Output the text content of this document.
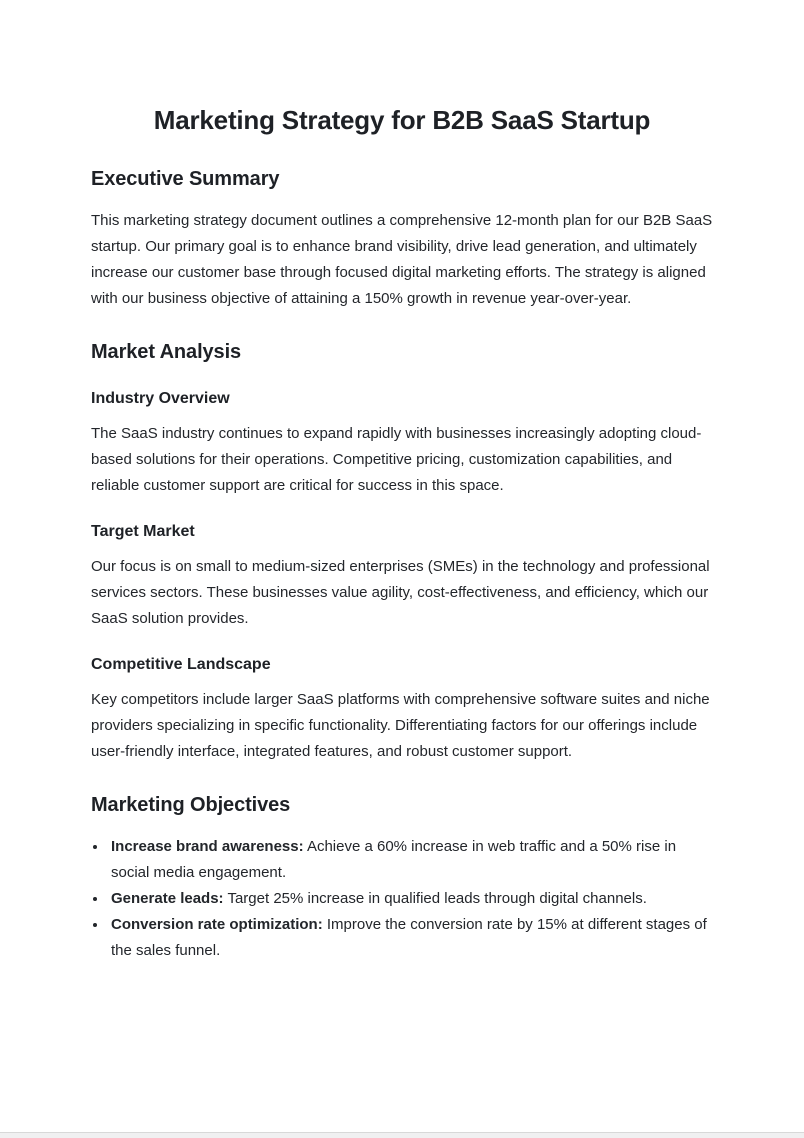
Marketing Strategy for B2B SaaS Startup
Executive Summary

This marketing strategy document outlines a comprehensive 12-month plan for our B2B SaaS startup. Our primary goal is to enhance brand visibility, drive lead generation, and ultimately increase our customer base through focused digital marketing efforts. The strategy is aligned with our business objective of attaining a 150% growth in revenue year-over-year.

Market Analysis
Industry Overview

The SaaS industry continues to expand rapidly with businesses increasingly adopting cloud-based solutions for their operations. Competitive pricing, customization capabilities, and reliable customer support are critical for success in this space.

Target Market

Our focus is on small to medium-sized enterprises (SMEs) in the technology and professional services sectors. These businesses value agility, cost-effectiveness, and efficiency, which our SaaS solution provides.

Competitive Landscape

Key competitors include larger SaaS platforms with comprehensive software suites and niche providers specializing in specific functionality. Differentiating factors for our offerings include user-friendly interface, integrated features, and robust customer support.

Marketing Objectives
• Increase brand awareness: Achieve a 60% increase in web traffic and a 50% rise in social media engagement.
• Generate leads: Target 25% increase in qualified leads through digital channels.
• Conversion rate optimization: Improve the conversion rate by 15% at different stages of the sales funnel.
